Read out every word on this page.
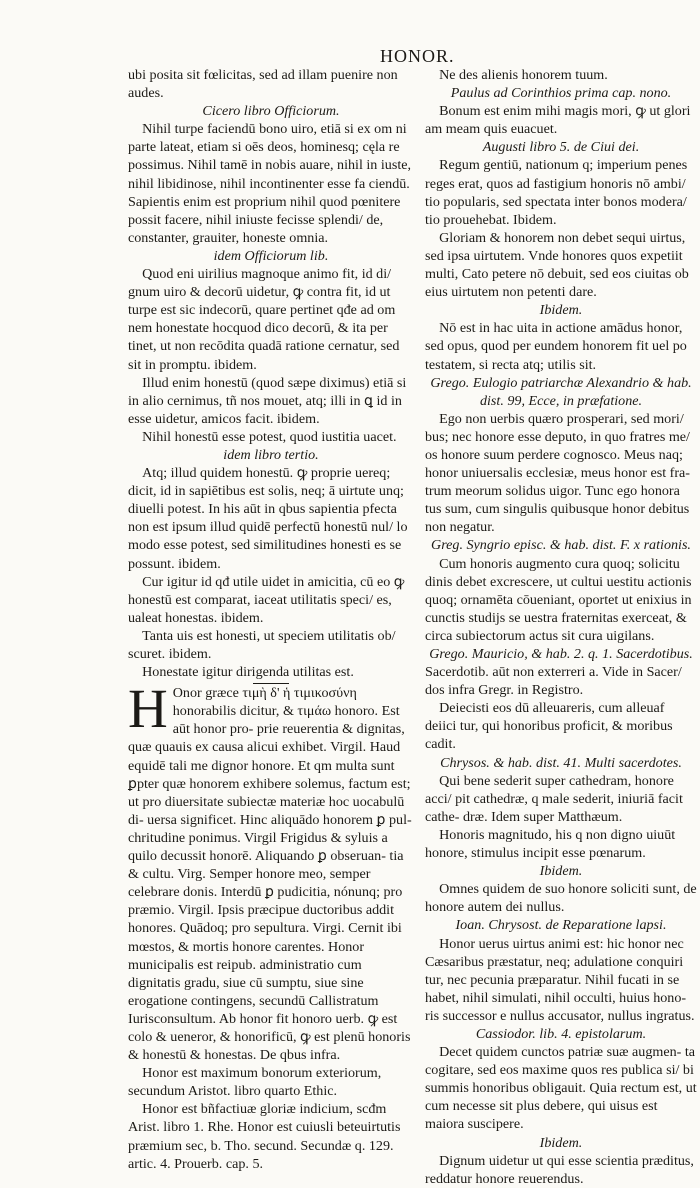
HONOR.

ubi posita sit fœlicitas, sed ad illam puenire non audes.

Cicero libro Officiorum.

Nihil turpe faciendū bono uiro, etiā si ex om ni parte lateat, etiam si oēs deos, hominesq; cęla re possimus. Nihil tamē in nobis auare, nihil in iuste, nihil libidinose, nihil incontinenter esse fa ciendū. Sapientis enim est proprium nihil quod pœnitere possit facere, nihil iniuste fecisse splendi/ de, constanter, grauiter, honeste omnia.

idem Officiorum lib.

Quod eni uirilius magnoque animo fit, id di/ gnum uiro & decorū uidetur, ꝙ contra fit, id ut turpe est sic indecorū, quare pertinet qđe ad om nem honestate hocquod dico decorū, & ita per tinet, ut non recōdita quadā ratione cernatur, sed sit in promptu. ibidem.

Illud enim honestū (quod sæpe diximus) etiā si in alio cernimus, tñ nos mouet, atq; illi in ꝗ id in esse uidetur, amicos facit. ibidem.

Nihil honestū esse potest, quod iustitia uacet.

idem libro tertio.

Atq; illud quidem honestū. ꝙ proprie uereq; dicit, id in sapiētibus est solis, neq; ā uirtute unq; diuelli potest. In his aūt in qbus sapientia pfecta non est ipsum illud quidē perfectū honestū nul/ lo modo esse potest, sed similitudines honesti es se possunt. ibidem.

Cur igitur id qđ utile uidet in amicitia, cū eo ꝙ honestū est comparat, iaceat utilitatis speci/ es, ualeat honestas. ibidem.

Tanta uis est honesti, ut speciem utilitatis ob/ scuret. ibidem.

Honestate igitur dirigenda utilitas est.

H Onor græce τιμὴ δ' ἡ τιμικοσύνη honorabilis dicitur, & τιμάω honoro. Est aūt honor pro- prie reuerentia & dignitas, quæ quauis ex causa alicui exhibet. Virgil. Haud equidē tali me dignor honore. Et qm multa sunt ꝑpter quæ honorem exhibere solemus, factum est; ut pro diuersitate subiectæ materiæ hoc uocabulū di- uersa significet. Hinc aliquādo honorem ꝑ pul- chritudine ponimus. Virgil Frigidus & syluis a quilo decussit honorē. Aliquando ꝑ obseruan- tia & cultu. Virg. Semper honore meo, semper celebrare donis. Interdū ꝑ pudicitia, nónunq; pro præmio. Virgil. Ipsis præcipue ductoribus addit honores. Quādoq; pro sepultura. Virgi. Cernit ibi mœstos, & mortis honore carentes. Honor municipalis est reipub. administratio cum dignitatis gradu, siue cū sumptu, siue sine erogatione contingens, secundū Callistratum Iurisconsultum. Ab honor fit honoro uerb. ꝙ est colo & ueneror, & honorificū, ꝙ est plenū honoris & honestū & honestas. De qbus infra.

Honor est maximum bonorum exteriorum, secundum Aristot. libro quarto Ethic.

Honor est bñfactiuæ gloriæ indicium, scđm Arist. libro 1. Rhe. Honor est cuiusli beteuirtutis præmium sec, b. Tho. secund. Secundæ q. 129. artic. 4. Prouerb. cap. 5.

Ne des alienis honorem tuum.

Paulus ad Corinthios prima cap. nono.

Bonum est enim mihi magis mori, ꝙ ut glori am meam quis euacuet.

Augusti libro 5. de Ciui dei.

Regum gentiū, nationum q; imperium penes reges erat, quos ad fastigium honoris nō ambi/ tio popularis, sed spectata inter bonos modera/ tio prouehebat. Ibidem.

Gloriam & honorem non debet sequi uirtus, sed ipsa uirtutem. Vnde honores quos expetiit multi, Cato petere nō debuit, sed eos ciuitas ob eius uirtutem non petenti dare.

Ibidem.

Nō est in hac uita in actione amādus honor, sed opus, quod per eundem honorem fit uel po testatem, si recta atq; utilis sit.

Grego. Eulogio patriarchæ Alexandrio & hab. dist. 99, Ecce, in præfatione.

Ego non uerbis quæro prosperari, sed mori/ bus; nec honore esse deputo, in quo fratres me/ os honore suum perdere cognosco. Meus naq; honor uniuersalis ecclesiæ, meus honor est fra- trum meorum solidus uigor. Tunc ego honora tus sum, cum singulis quibusque honor debitus non negatur.

Greg. Syngrio episc. & hab. dist. F. x rationis.

Cum honoris augmento cura quoq; solicitu dinis debet excrescere, ut cultui uestitu actionis quoq; ornamēta cōueniant, oportet ut enixius in cunctis studijs se uestra fraternitas exerceat, & circa subiectorum actus sit cura uigilans.

Grego. Mauricio, & hab. 2. q. 1. Sacerdotibus.

Sacerdotib. aūt non exterreri a. Vide in Sacer/ dos infra Gregr. in Registro.

Deiecisti eos dū alleuareris, cum alleuaf deiici tur, qui honoribus proficit, & moribus cadit.

Chrysos. & hab. dist. 41. Multi sacerdotes.

Qui bene sederit super cathedram, honore acci/ pit cathedræ, q male sederit, iniuriā facit cathe- dræ. Idem super Matthæum.

Honoris magnitudo, his q non digno uiuūt honore, stimulus incipit esse pœnarum.

Ibidem.

Omnes quidem de suo honore soliciti sunt, de honore autem dei nullus.

Ioan. Chrysost. de Reparatione lapsi.

Honor uerus uirtus animi est: hic honor nec Cæsaribus præstatur, neq; adulatione conquiri tur, nec pecunia præparatur. Nihil fucati in se habet, nihil simulati, nihil occulti, huius hono- ris successor e nullus accusator, nullus ingratus.

Cassiodor. lib. 4. epistolarum.

Decet quidem cunctos patriæ suæ augmen- ta cogitare, sed eos maxime quos res publica si/ bi summis honoribus obligauit. Quia rectum est, ut cum necesse sit plus debere, qui uisus est maiora suscipere.

Ibidem.

Dignum uidetur ut qui esse scientia præditus, reddatur honore reuerendus.
